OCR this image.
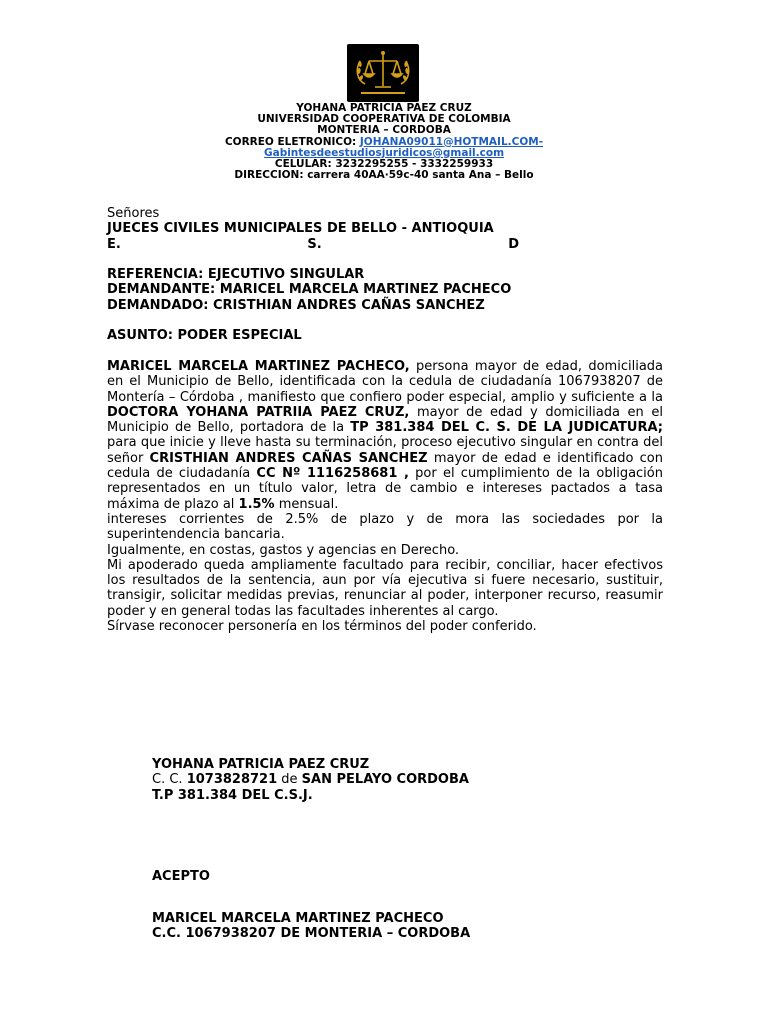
YOHANA PATRICIA PAEZ CRUZ
UNIVERSIDAD COOPERATIVA DE COLOMBIA
MONTERIA – CORDOBA
CORREO ELETRONICO: JOHANA09011@HOTMAIL.COM-
Gabintesdeestudiosjuridicos@gmail.com
CELULAR: 3232295255 - 3332259933
DIRECCION: carrera 40AA·59c-40 santa Ana – Bello
Señores
JUECES CIVILES MUNICIPALES DE BELLO - ANTIOQUIA
E.	S.	D
REFERENCIA: EJECUTIVO SINGULAR
DEMANDANTE: MARICEL MARCELA MARTINEZ PACHECO
DEMANDADO: CRISTHIAN ANDRES CAÑAS SANCHEZ
ASUNTO: PODER ESPECIAL
MARICEL MARCELA MARTINEZ PACHECO, persona mayor de edad, domiciliada en el Municipio de Bello, identificada con la cedula de ciudadanía 1067938207 de Montería – Córdoba , manifiesto que confiero poder especial, amplio y suficiente a la DOCTORA YOHANA PATRIIA PAEZ CRUZ, mayor de edad y domiciliada en el Municipio de Bello, portadora de la TP 381.384 DEL C. S. DE LA JUDICATURA; para que inicie y lleve hasta su terminación, proceso ejecutivo singular en contra del señor CRISTHIAN ANDRES CAÑAS SANCHEZ mayor de edad e identificado con cedula de ciudadanía CC Nº 1116258681 , por el cumplimiento de la obligación representados en un título valor, letra de cambio e intereses pactados a tasa máxima de plazo al 1.5% mensual.
intereses corrientes de 2.5% de plazo y de mora las sociedades por la superintendencia bancaria.
Igualmente, en costas, gastos y agencias en Derecho.
Mi apoderado queda ampliamente facultado para recibir, conciliar, hacer efectivos los resultados de la sentencia, aun por vía ejecutiva si fuere necesario, sustituir, transigir, solicitar medidas previas, renunciar al poder, interponer recurso, reasumir poder y en general todas las facultades inherentes al cargo.
Sírvase reconocer personería en los términos del poder conferido.
YOHANA PATRICIA PAEZ CRUZ
C. C. 1073828721 de SAN PELAYO CORDOBA
T.P 381.384 DEL C.S.J.
ACEPTO
MARICEL MARCELA MARTINEZ PACHECO
C.C. 1067938207 DE MONTERIA – CORDOBA
